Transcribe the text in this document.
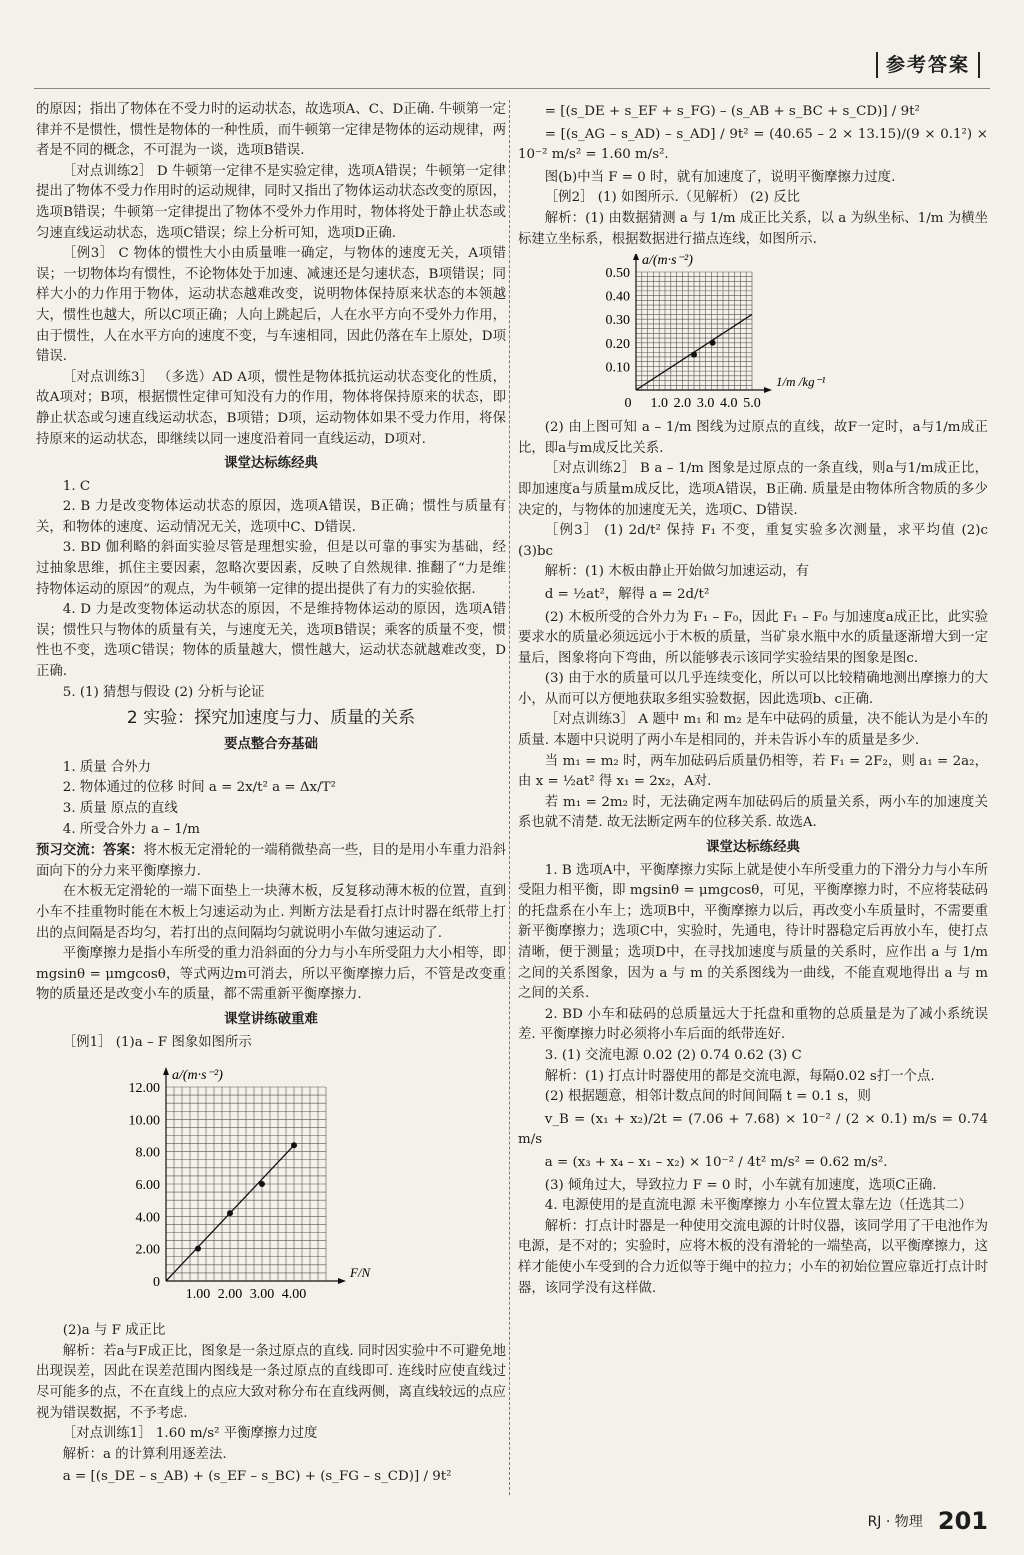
参考答案

的原因；指出了物体在不受力时的运动状态，故选项A、C、D正确. 牛顿第一定律并不是惯性，惯性是物体的一种性质，而牛顿第一定律是物体的运动规律，两者是不同的概念，不可混为一谈，选项B错误.

［对点训练2］ D 牛顿第一定律不是实验定律，选项A错误；牛顿第一定律提出了物体不受力作用时的运动规律，同时又指出了物体运动状态改变的原因，选项B错误；牛顿第一定律提出了物体不受外力作用时，物体将处于静止状态或匀速直线运动状态，选项C错误；综上分析可知，选项D正确.

［例3］ C 物体的惯性大小由质量唯一确定，与物体的速度无关，A项错误；一切物体均有惯性，不论物体处于加速、减速还是匀速状态，B项错误；同样大小的力作用于物体，运动状态越难改变，说明物体保持原来状态的本领越大，惯性也越大，所以C项正确；人向上跳起后，人在水平方向不受外力作用，由于惯性，人在水平方向的速度不变，与车速相同，因此仍落在车上原处，D项错误.

［对点训练3］ （多选）AD A项，惯性是物体抵抗运动状态变化的性质，故A项对；B项，根据惯性定律可知没有力的作用，物体将保持原来的状态，即静止状态或匀速直线运动状态，B项错；D项，运动物体如果不受力作用，将保持原来的运动状态，即继续以同一速度沿着同一直线运动，D项对.

课堂达标练经典

1. C

2. B 力是改变物体运动状态的原因，选项A错误，B正确；惯性与质量有关，和物体的速度、运动情况无关，选项中C、D错误.

3. BD 伽利略的斜面实验尽管是理想实验，但是以可靠的事实为基础，经过抽象思维，抓住主要因素，忽略次要因素，反映了自然规律. 推翻了“力是维持物体运动的原因”的观点，为牛顿第一定律的提出提供了有力的实验依据.

4. D 力是改变物体运动状态的原因，不是维持物体运动的原因，选项A错误；惯性只与物体的质量有关，与速度无关，选项B错误；乘客的质量不变，惯性也不变，选项C错误；物体的质量越大，惯性越大，运动状态就越难改变，D正确.

5. (1) 猜想与假设 (2) 分析与论证

2 实验：探究加速度与力、质量的关系

要点整合夯基础

1. 质量 合外力

2. 物体通过的位移 时间 a = 2x/t² a = Δx/T²

3. 质量 原点的直线

4. 所受合外力 a – 1/m

预习交流：答案：将木板无定滑轮的一端稍微垫高一些，目的是用小车重力沿斜面向下的分力来平衡摩擦力.

在木板无定滑轮的一端下面垫上一块薄木板，反复移动薄木板的位置，直到小车不挂重物时能在木板上匀速运动为止. 判断方法是看打点计时器在纸带上打出的点间隔是否均匀，若打出的点间隔均匀就说明小车做匀速运动了.

平衡摩擦力是指小车所受的重力沿斜面的分力与小车所受阻力大小相等，即 mgsinθ = μmgcosθ，等式两边m可消去，所以平衡摩擦力后，不管是改变重物的质量还是改变小车的质量，都不需重新平衡摩擦力.

课堂讲练破重难

［例1］ (1)a – F 图象如图所示

0
2.00
4.00
6.00
8.00
10.00
12.00
1.00 2.00 3.00 4.00
a/(m·s⁻²)
F/N

(2)a 与 F 成正比

解析：若a与F成正比，图象是一条过原点的直线. 同时因实验中不可避免地出现误差，因此在误差范围内图线是一条过原点的直线即可. 连线时应使直线过尽可能多的点，不在直线上的点应大致对称分布在直线两侧，离直线较远的点应视为错误数据，不予考虑.

［对点训练1］ 1.60 m/s² 平衡摩擦力过度

解析：a 的计算利用逐差法.

a = [(s_DE – s_AB) + (s_EF – s_BC) + (s_FG – s_CD)] / 9t²

= [(s_DE + s_EF + s_FG) – (s_AB + s_BC + s_CD)] / 9t²

= [(s_AG – s_AD) – s_AD] / 9t² = (40.65 – 2 × 13.15)/(9 × 0.1²) × 10⁻² m/s² = 1.60 m/s².

图(b)中当 F = 0 时，就有加速度了，说明平衡摩擦力过度.

［例2］ (1) 如图所示.（见解析） (2) 反比

解析：(1) 由数据猜测 a 与 1/m 成正比关系，以 a 为纵坐标、1/m 为横坐标建立坐标系，根据数据进行描点连线，如图所示.

0.10
0.20
0.30
0.40
0.50
1.0 2.0 3.0 4.0 5.0
0
a/(m·s⁻²)
1/m /kg⁻¹

(2) 由上图可知 a – 1/m 图线为过原点的直线，故F一定时，a与1/m成正比，即a与m成反比关系.

［对点训练2］ B a – 1/m 图象是过原点的一条直线，则a与1/m成正比，即加速度a与质量m成反比，选项A错误，B正确. 质量是由物体所含物质的多少决定的，与物体的加速度无关，选项C、D错误.

［例3］ (1) 2d/t² 保持 F₁ 不变，重复实验多次测量，求平均值 (2)c (3)bc

解析：(1) 木板由静止开始做匀加速运动，有

d = ½at²，解得 a = 2d/t²

(2) 木板所受的合外力为 F₁ – F₀，因此 F₁ – F₀ 与加速度a成正比，此实验要求水的质量必须远远小于木板的质量，当矿泉水瓶中水的质量逐渐增大到一定量后，图象将向下弯曲，所以能够表示该同学实验结果的图象是图c.

(3) 由于水的质量可以几乎连续变化，所以可以比较精确地测出摩擦力的大小，从而可以方便地获取多组实验数据，因此选项b、c正确.

［对点训练3］ A 题中 m₁ 和 m₂ 是车中砝码的质量，决不能认为是小车的质量. 本题中只说明了两小车是相同的，并未告诉小车的质量是多少.

当 m₁ = m₂ 时，两车加砝码后质量仍相等，若 F₁ = 2F₂，则 a₁ = 2a₂，由 x = ½at² 得 x₁ = 2x₂，A对.

若 m₁ = 2m₂ 时，无法确定两车加砝码后的质量关系，两小车的加速度关系也就不清楚. 故无法断定两车的位移关系. 故选A.

课堂达标练经典

1. B 选项A中，平衡摩擦力实际上就是使小车所受重力的下滑分力与小车所受阻力相平衡，即 mgsinθ = μmgcosθ，可见，平衡摩擦力时，不应将装砝码的托盘系在小车上；选项B中，平衡摩擦力以后，再改变小车质量时，不需要重新平衡摩擦力；选项C中，实验时，先通电，待计时器稳定后再放小车，使打点清晰，便于测量；选项D中，在寻找加速度与质量的关系时，应作出 a 与 1/m 之间的关系图象，因为 a 与 m 的关系图线为一曲线，不能直观地得出 a 与 m 之间的关系.

2. BD 小车和砝码的总质量远大于托盘和重物的总质量是为了减小系统误差. 平衡摩擦力时必须将小车后面的纸带连好.

3. (1) 交流电源 0.02 (2) 0.74 0.62 (3) C

解析：(1) 打点计时器使用的都是交流电源，每隔0.02 s打一个点.

(2) 根据题意，相邻计数点间的时间间隔 t = 0.1 s，则

v_B = (x₁ + x₂)/2t = (7.06 + 7.68) × 10⁻² / (2 × 0.1) m/s = 0.74 m/s

a = (x₃ + x₄ – x₁ – x₂) × 10⁻² / 4t² m/s² = 0.62 m/s².

(3) 倾角过大，导致拉力 F = 0 时，小车就有加速度，选项C正确.

4. 电源使用的是直流电源 未平衡摩擦力 小车位置太靠左边（任选其二）

解析：打点计时器是一种使用交流电源的计时仪器，该同学用了干电池作为电源，是不对的；实验时，应将木板的没有滑轮的一端垫高，以平衡摩擦力，这样才能使小车受到的合力近似等于绳中的拉力；小车的初始位置应靠近打点计时器，该同学没有这样做.

RJ · 物理 201
